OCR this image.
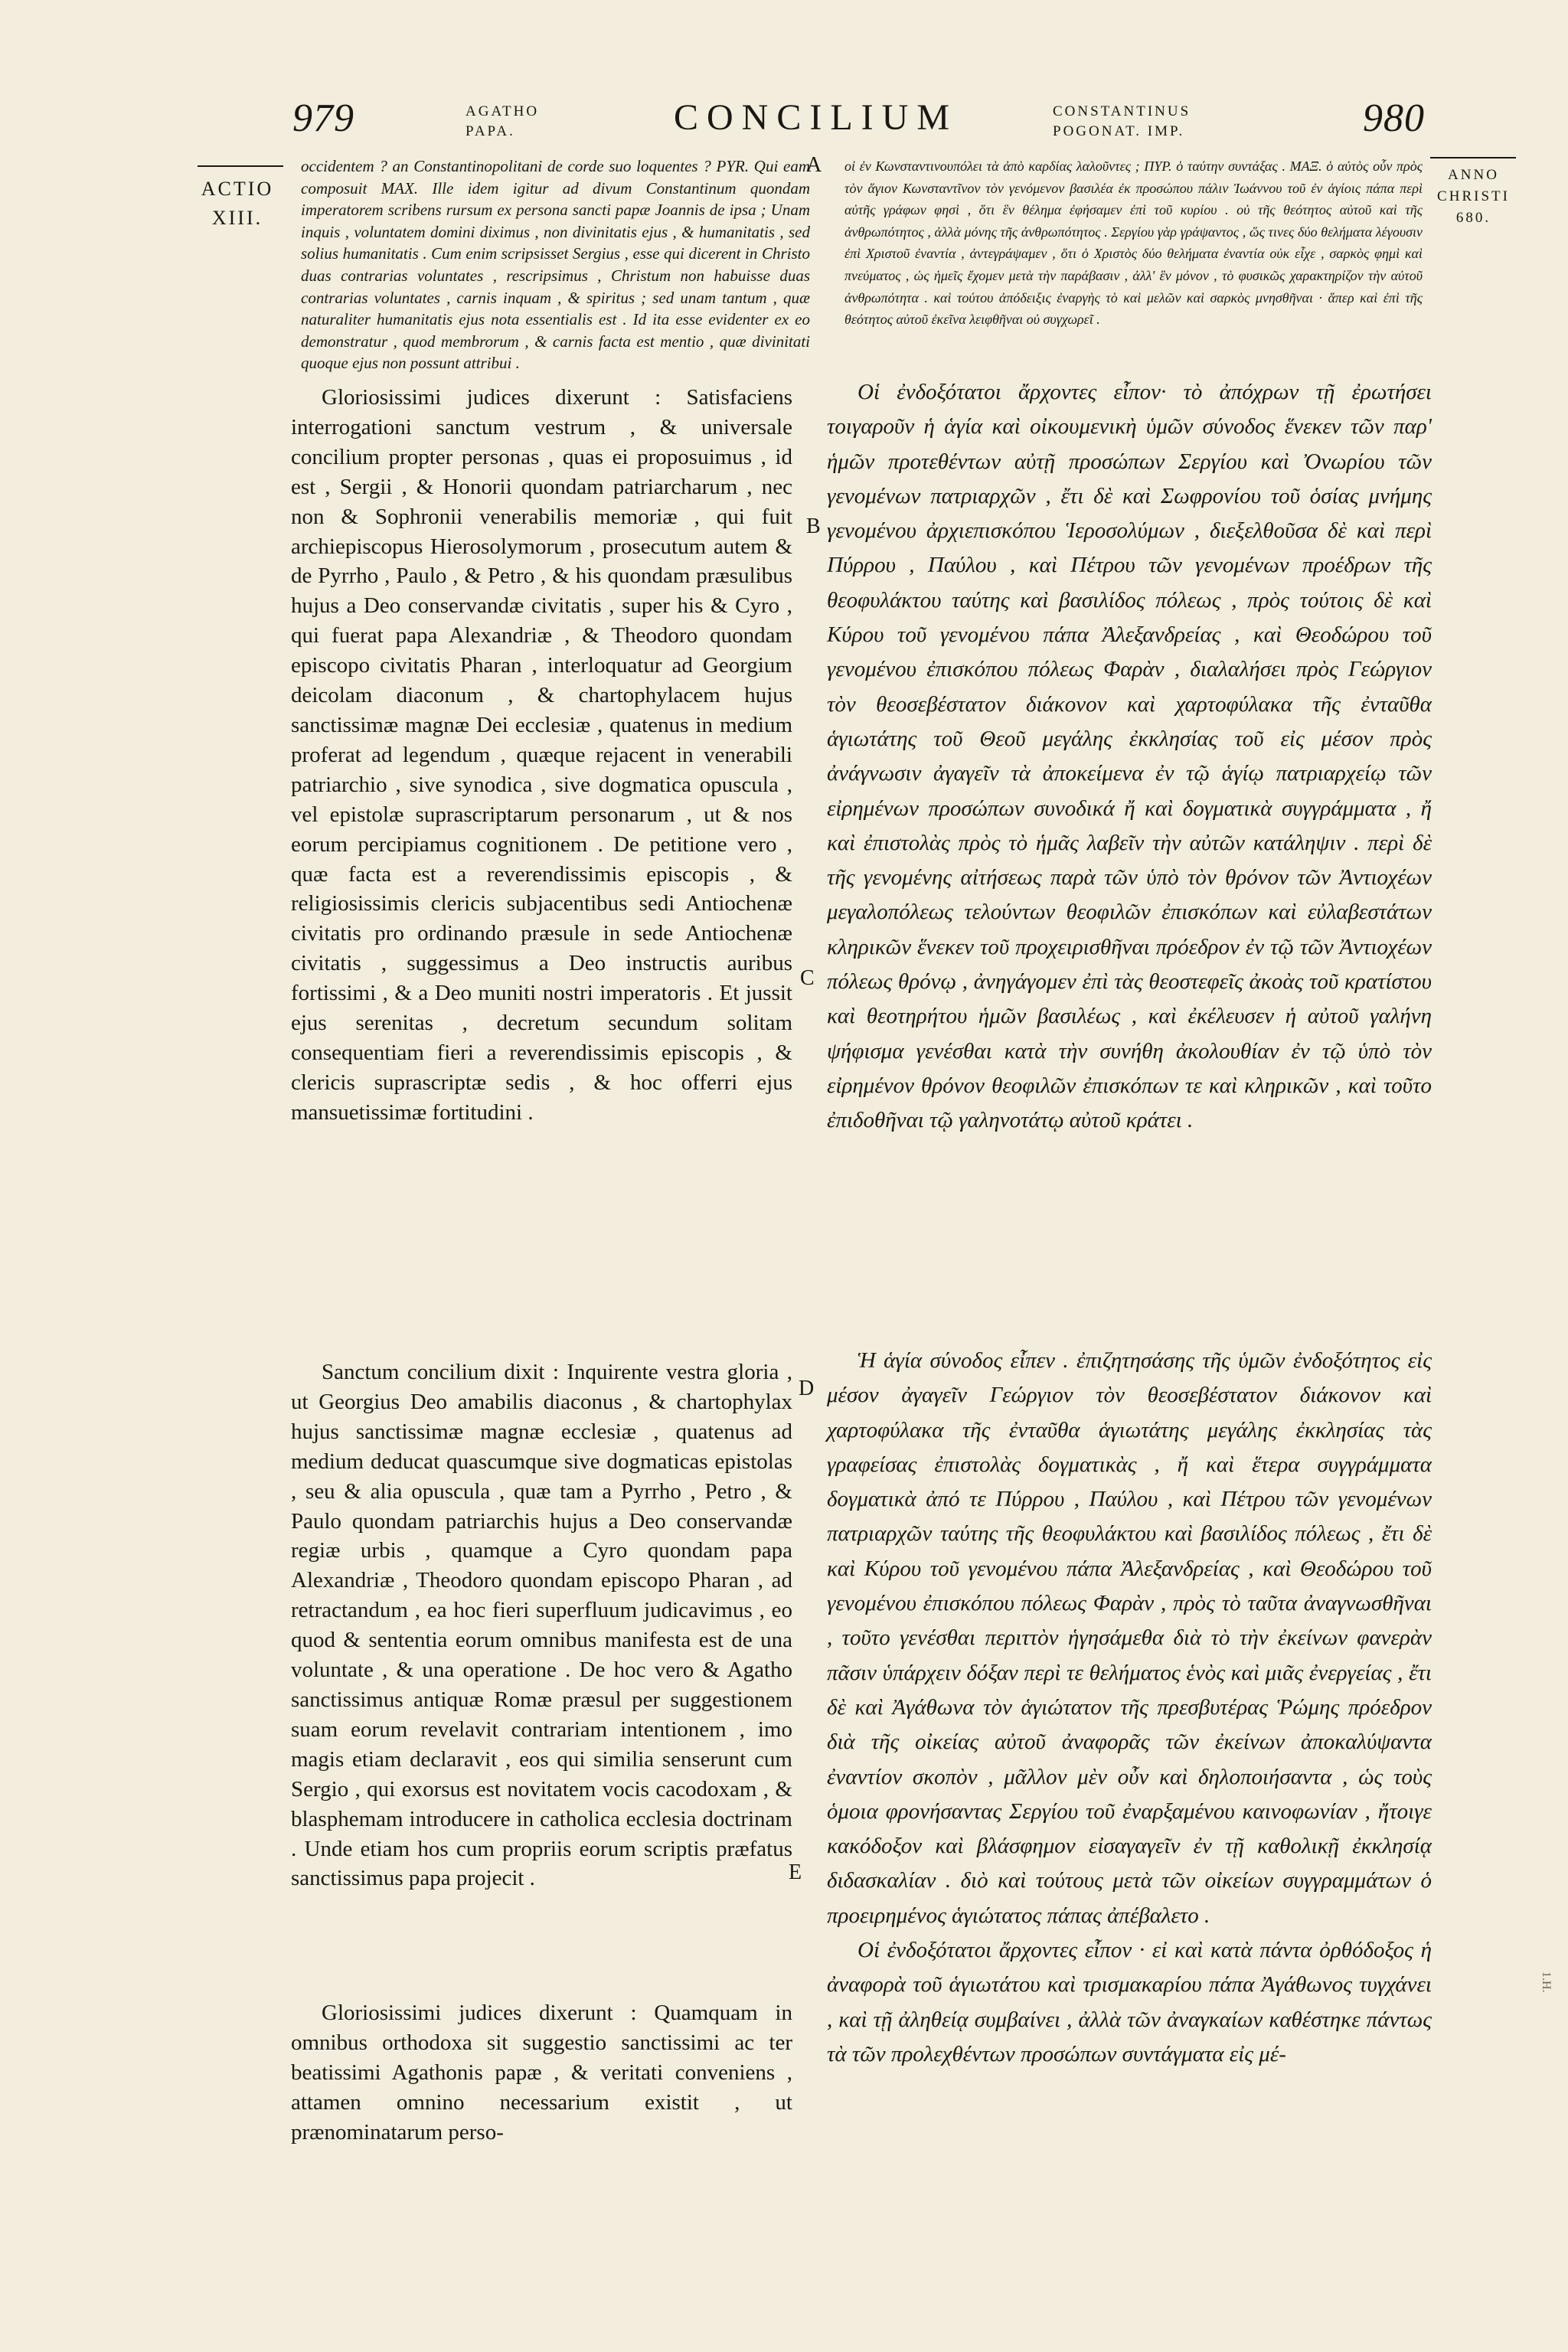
979	AGATHO
PAPA.	CONCILIUM	CONSTANTINUS
POGONAT. IMP.	980
ACTIO
XIII.
ANNO
CHRISTI
680.
A
B
C
D
E
occidentem ? an Constantinopolitani de corde suo loquentes ? PYR. Qui eam composuit MAX. Ille idem igitur ad divum Constantinum quondam imperatorem scribens rursum ex persona sancti papæ Joannis de ipsa ; Unam inquis , voluntatem domini diximus , non divinitatis ejus , & humanitatis , sed solius humanitatis . Cum enim scripsisset Sergius , esse qui dicerent in Christo duas contrarias voluntates , rescripsimus , Christum non habuisse duas contrarias voluntates , carnis inquam , & spiritus ; sed unam tantum , quæ naturaliter humanitatis ejus nota essentialis est . Id ita esse evidenter ex eo demonstratur , quod membrorum , & carnis facta est mentio , quæ divinitati quoque ejus non possunt attribui .
οἱ ἐν Κωνσταντινουπόλει τὰ ἀπὸ καρδίας λαλοῦντες ; ΠΥΡ. ὁ ταύτην συντάξας . ΜΑΞ. ὁ αὐτὸς οὖν πρὸς τὸν ἅγιον Κωνσταντῖνον τὸν γενόμενον βασιλέα ἐκ προσώπου πάλιν Ἰωάννου τοῦ ἐν ἁγίοις πάπα περὶ αὐτῆς γράφων φησὶ , ὅτι ἓν θέλημα ἐφήσαμεν ἐπὶ τοῦ κυρίου . οὐ τῆς θεότητος αὐτοῦ καὶ τῆς ἀνθρωπότητος , ἀλλὰ μόνης τῆς ἀνθρωπότητος . Σεργίου γὰρ γράψαντος , ὥς τινες δύο θελήματα λέγουσιν ἐπὶ Χριστοῦ ἐναντία , ἀντεγράψαμεν , ὅτι ὁ Χριστὸς δύο θελήματα ἐναντία οὐκ εἶχε , σαρκὸς φημὶ καὶ πνεύματος , ὡς ἡμεῖς ἔχομεν μετὰ τὴν παράβασιν , ἀλλ' ἓν μόνον , τὸ φυσικῶς χαρακτηρίζον τὴν αὐτοῦ ἀνθρωπότητα . καὶ τούτου ἀπόδειξις ἐναργὴς τὸ καὶ μελῶν καὶ σαρκὸς μνησθῆναι · ἅπερ καὶ ἐπὶ τῆς θεότητος αὐτοῦ ἐκεῖνα λειφθῆναι οὐ συγχωρεῖ .

Gloriosissimi judices dixerunt : Satisfaciens interrogationi sanctum vestrum , & universale concilium propter personas , quas ei proposuimus , id est , Sergii , & Honorii quondam patriarcharum , nec non & Sophronii venerabilis memoriæ , qui fuit archiepiscopus Hierosolymorum , prosecutum autem & de Pyrrho , Paulo , & Petro , & his quondam præsulibus hujus a Deo conservandæ civitatis , super his & Cyro , qui fuerat papa Alexandriæ , & Theodoro quondam episcopo civitatis Pharan , interloquatur ad Georgium deicolam diaconum , & chartophylacem hujus sanctissimæ magnæ Dei ecclesiæ , quatenus in medium proferat ad legendum , quæque rejacent in venerabili patriarchio , sive synodica , sive dogmatica opuscula , vel epistolæ suprascriptarum personarum , ut & nos eorum percipiamus cognitionem . De petitione vero , quæ facta est a reverendissimis episcopis , & religiosissimis clericis subjacentibus sedi Antiochenæ civitatis pro ordinando præsule in sede Antiochenæ civitatis , suggessimus a Deo instructis auribus fortissimi , & a Deo muniti nostri imperatoris . Et jussit ejus serenitas , decretum secundum solitam consequentiam fieri a reverendissimis episcopis , & clericis suprascriptæ sedis , & hoc offerri ejus mansuetissimæ fortitudini .

Sanctum concilium dixit : Inquirente vestra gloria , ut Georgius Deo amabilis diaconus , & chartophylax hujus sanctissimæ magnæ ecclesiæ , quatenus ad medium deducat quascumque sive dogmaticas epistolas , seu & alia opuscula , quæ tam a Pyrrho , Petro , & Paulo quondam patriarchis hujus a Deo conservandæ regiæ urbis , quamque a Cyro quondam papa Alexandriæ , Theodoro quondam episcopo Pharan , ad retractandum , ea hoc fieri superfluum judicavimus , eo quod & sententia eorum omnibus manifesta est de una voluntate , & una operatione . De hoc vero & Agatho sanctissimus antiquæ Romæ præsul per suggestionem suam eorum revelavit contrariam intentionem , imo magis etiam declaravit , eos qui similia senserunt cum Sergio , qui exorsus est novitatem vocis cacodoxam , & blasphemam introducere in catholica ecclesia doctrinam . Unde etiam hos cum propriis eorum scriptis præfatus sanctissimus papa projecit .

Gloriosissimi judices dixerunt : Quamquam in omnibus orthodoxa sit suggestio sanctissimi ac ter beatissimi Agathonis papæ , & veritati conveniens , attamen omnino necessarium existit , ut prænominatarum perso-

Οἱ ἐνδοξότατοι ἄρχοντες εἶπον· τὸ ἀπόχρων τῇ ἐρωτήσει τοιγαροῦν ἡ ἁγία καὶ οἰκουμενικὴ ὑμῶν σύνοδος ἕνεκεν τῶν παρ' ἡμῶν προτεθέντων αὐτῇ προσώπων Σεργίου καὶ Ὀνωρίου τῶν γενομένων πατριαρχῶν , ἔτι δὲ καὶ Σωφρονίου τοῦ ὁσίας μνήμης γενομένου ἀρχιεπισκόπου Ἱεροσολύμων , διεξελθοῦσα δὲ καὶ περὶ Πύρρου , Παύλου , καὶ Πέτρου τῶν γενομένων προέδρων τῆς θεοφυλάκτου ταύτης καὶ βασιλίδος πόλεως , πρὸς τούτοις δὲ καὶ Κύρου τοῦ γενομένου πάπα Ἀλεξανδρείας , καὶ Θεοδώρου τοῦ γενομένου ἐπισκόπου πόλεως Φαρὰν , διαλαλήσει πρὸς Γεώργιον τὸν θεοσεβέστατον διάκονον καὶ χαρτοφύλακα τῆς ἐνταῦθα ἁγιωτάτης τοῦ Θεοῦ μεγάλης ἐκκλησίας τοῦ εἰς μέσον πρὸς ἀνάγνωσιν ἀγαγεῖν τὰ ἀποκείμενα ἐν τῷ ἁγίῳ πατριαρχείῳ τῶν εἰρημένων προσώπων συνοδικά ἤ καὶ δογματικὰ συγγράμματα , ἤ καὶ ἐπιστολὰς πρὸς τὸ ἡμᾶς λαβεῖν τὴν αὐτῶν κατάληψιν . περὶ δὲ τῆς γενομένης αἰτήσεως παρὰ τῶν ὑπὸ τὸν θρόνον τῶν Ἀντιοχέων μεγαλοπόλεως τελούντων θεοφιλῶν ἐπισκόπων καὶ εὐλαβεστάτων κληρικῶν ἕνεκεν τοῦ προχειρισθῆναι πρόεδρον ἐν τῷ τῶν Ἀντιοχέων πόλεως θρόνῳ , ἀνηγάγομεν ἐπὶ τὰς θεοστεφεῖς ἀκοὰς τοῦ κρατίστου καὶ θεοτηρήτου ἡμῶν βασιλέως , καὶ ἐκέλευσεν ἡ αὐτοῦ γαλήνη ψήφισμα γενέσθαι κατὰ τὴν συνήθη ἀκολουθίαν ἐν τῷ ὑπὸ τὸν εἰρημένον θρόνον θεοφιλῶν ἐπισκόπων τε καὶ κληρικῶν , καὶ τοῦτο ἐπιδοθῆναι τῷ γαληνοτάτῳ αὐτοῦ κράτει .

Ἡ ἁγία σύνοδος εἶπεν . ἐπιζητησάσης τῆς ὑμῶν ἐνδοξότητος εἰς μέσον ἀγαγεῖν Γεώργιον τὸν θεοσεβέστατον διάκονον καὶ χαρτοφύλακα τῆς ἐνταῦθα ἁγιωτάτης μεγάλης ἐκκλησίας τὰς γραφείσας ἐπιστολὰς δογματικὰς , ἤ καὶ ἕτερα συγγράμματα δογματικὰ ἀπό τε Πύρρου , Παύλου , καὶ Πέτρου τῶν γενομένων πατριαρχῶν ταύτης τῆς θεοφυλάκτου καὶ βασιλίδος πόλεως , ἔτι δὲ καὶ Κύρου τοῦ γενομένου πάπα Ἀλεξανδρείας , καὶ Θεοδώρου τοῦ γενομένου ἐπισκόπου πόλεως Φαρὰν , πρὸς τὸ ταῦτα ἀναγνωσθῆναι , τοῦτο γενέσθαι περιττὸν ἡγησάμεθα διὰ τὸ τὴν ἐκείνων φανερὰν πᾶσιν ὑπάρχειν δόξαν περὶ τε θελήματος ἑνὸς καὶ μιᾶς ἐνεργείας , ἔτι δὲ καὶ Ἀγάθωνα τὸν ἁγιώτατον τῆς πρεσβυτέρας Ῥώμης πρόεδρον διὰ τῆς οἰκείας αὐτοῦ ἀναφορᾶς τῶν ἐκείνων ἀποκαλύψαντα ἐναντίον σκοπὸν , μᾶλλον μὲν οὖν καὶ δηλοποιήσαντα , ὡς τοὺς ὁμοια φρονήσαντας Σεργίου τοῦ ἐναρξαμένου καινοφωνίαν , ἤτοιγε κακόδοξον καὶ βλάσφημον εἰσαγαγεῖν ἐν τῇ καθολικῇ ἐκκλησίᾳ διδασκαλίαν . διὸ καὶ τούτους μετὰ τῶν οἰκείων συγγραμμάτων ὁ προειρημένος ἁγιώτατος πάπας ἀπέβαλετο .

Οἱ ἐνδοξότατοι ἄρχοντες εἶπον · εἰ καὶ κατὰ πάντα ὀρθόδοξος ἡ ἀναφορὰ τοῦ ἁγιωτάτου καὶ τρισμακαρίου πάπα Ἀγάθωνος τυγχάνει , καὶ τῇ ἀληθείᾳ συμβαίνει , ἀλλὰ τῶν ἀναγκαίων καθέστηκε πάντως τὰ τῶν προλεχθέντων προσώπων συντάγματα εἰς μέ-

1.H.
